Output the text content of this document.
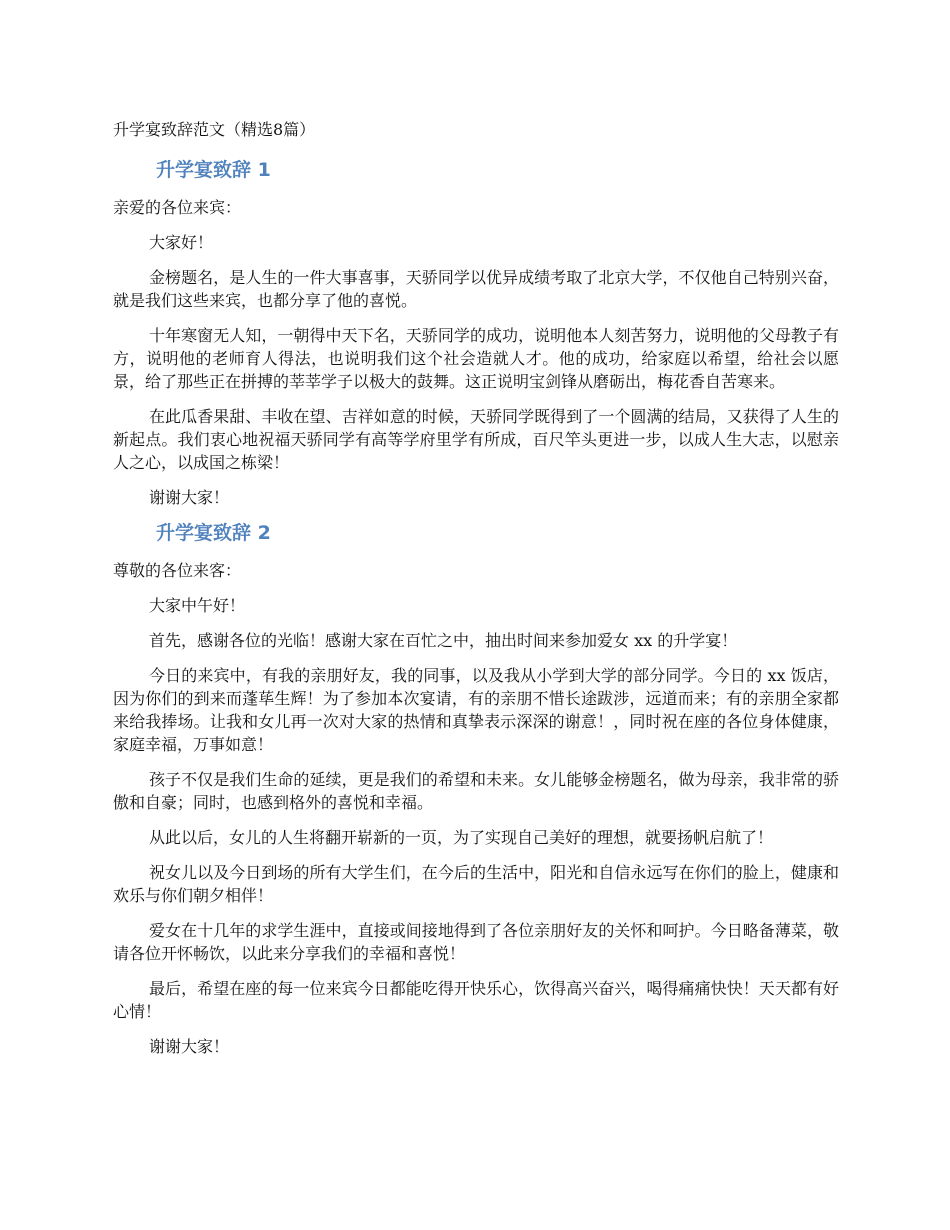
升学宴致辞范文（精选8篇）
升学宴致辞 1
亲爱的各位来宾：
大家好！
金榜题名，是人生的一件大事喜事，天骄同学以优异成绩考取了北京大学，不仅他自己特别兴奋，就是我们这些来宾，也都分享了他的喜悦。
十年寒窗无人知，一朝得中天下名，天骄同学的成功，说明他本人刻苦努力，说明他的父母教子有方，说明他的老师育人得法，也说明我们这个社会造就人才。他的成功，给家庭以希望，给社会以愿景，给了那些正在拼搏的莘莘学子以极大的鼓舞。这正说明宝剑锋从磨砺出，梅花香自苦寒来。
在此瓜香果甜、丰收在望、吉祥如意的时候，天骄同学既得到了一个圆满的结局，又获得了人生的新起点。我们衷心地祝福天骄同学有高等学府里学有所成，百尺竿头更进一步，以成人生大志，以慰亲人之心，以成国之栋梁！
谢谢大家！
升学宴致辞 2
尊敬的各位来客：
大家中午好！
首先，感谢各位的光临！感谢大家在百忙之中，抽出时间来参加爱女 xx 的升学宴！
今日的来宾中，有我的亲朋好友，我的同事，以及我从小学到大学的部分同学。今日的 xx 饭店，因为你们的到来而蓬荜生辉！为了参加本次宴请，有的亲朋不惜长途跋涉，远道而来；有的亲朋全家都来给我捧场。让我和女儿再一次对大家的热情和真挚表示深深的谢意！，同时祝在座的各位身体健康，家庭幸福，万事如意！
孩子不仅是我们生命的延续，更是我们的希望和未来。女儿能够金榜题名，做为母亲，我非常的骄傲和自豪；同时，也感到格外的喜悦和幸福。
从此以后，女儿的人生将翻开崭新的一页，为了实现自己美好的理想，就要扬帆启航了！
祝女儿以及今日到场的所有大学生们，在今后的生活中，阳光和自信永远写在你们的脸上，健康和欢乐与你们朝夕相伴！
爱女在十几年的求学生涯中，直接或间接地得到了各位亲朋好友的关怀和呵护。今日略备薄菜，敬请各位开怀畅饮，以此来分享我们的幸福和喜悦！
最后，希望在座的每一位来宾今日都能吃得开快乐心，饮得高兴奋兴，喝得痛痛快快！天天都有好心情！
谢谢大家！
